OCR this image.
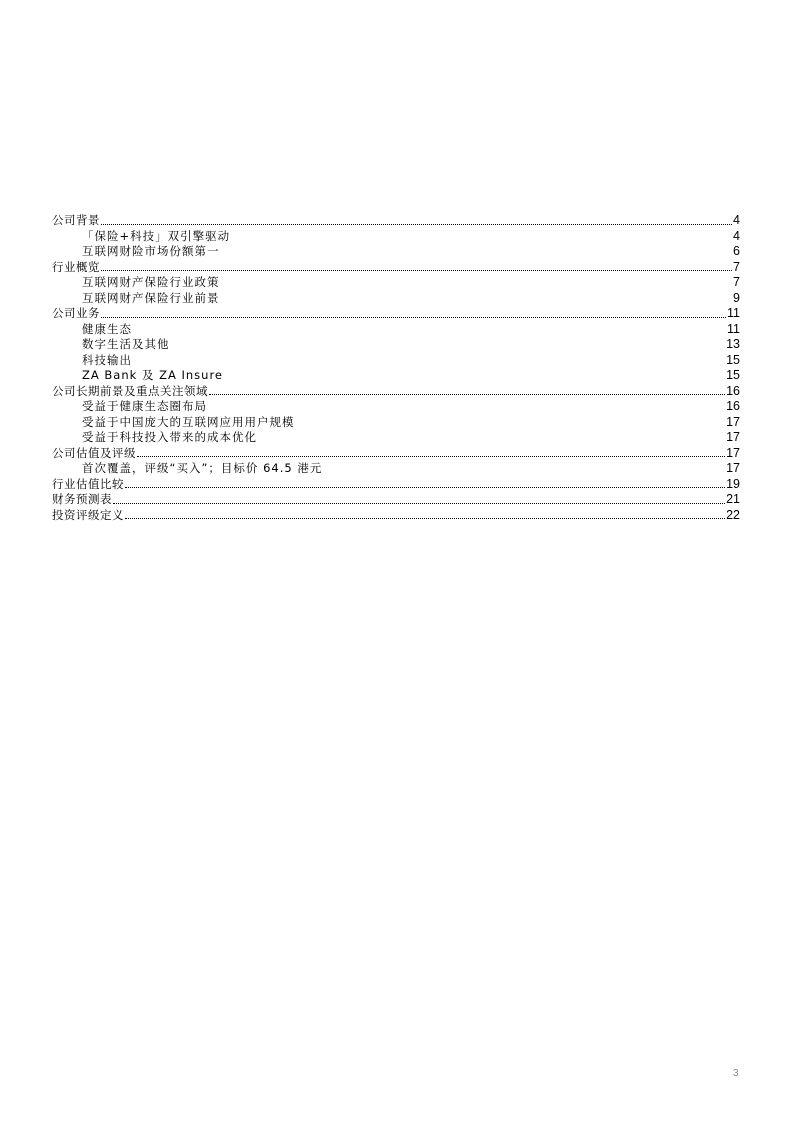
公司背景	4
「保险+科技」双引擎驱动	4
互联网财险市场份额第一	6
行业概览	7
互联网财产保险行业政策	7
互联网财产保险行业前景	9
公司业务	11
健康生态	11
数字生活及其他	13
科技输出	15
ZA Bank 及 ZA Insure	15
公司长期前景及重点关注领域	16
受益于健康生态圈布局	16
受益于中国庞大的互联网应用用户规模	17
受益于科技投入带来的成本优化	17
公司估值及评级	17
首次覆盖，评级“买入”；目标价 64.5 港元	17
行业估值比较	19
财务预测表	21
投资评级定义	22
3
